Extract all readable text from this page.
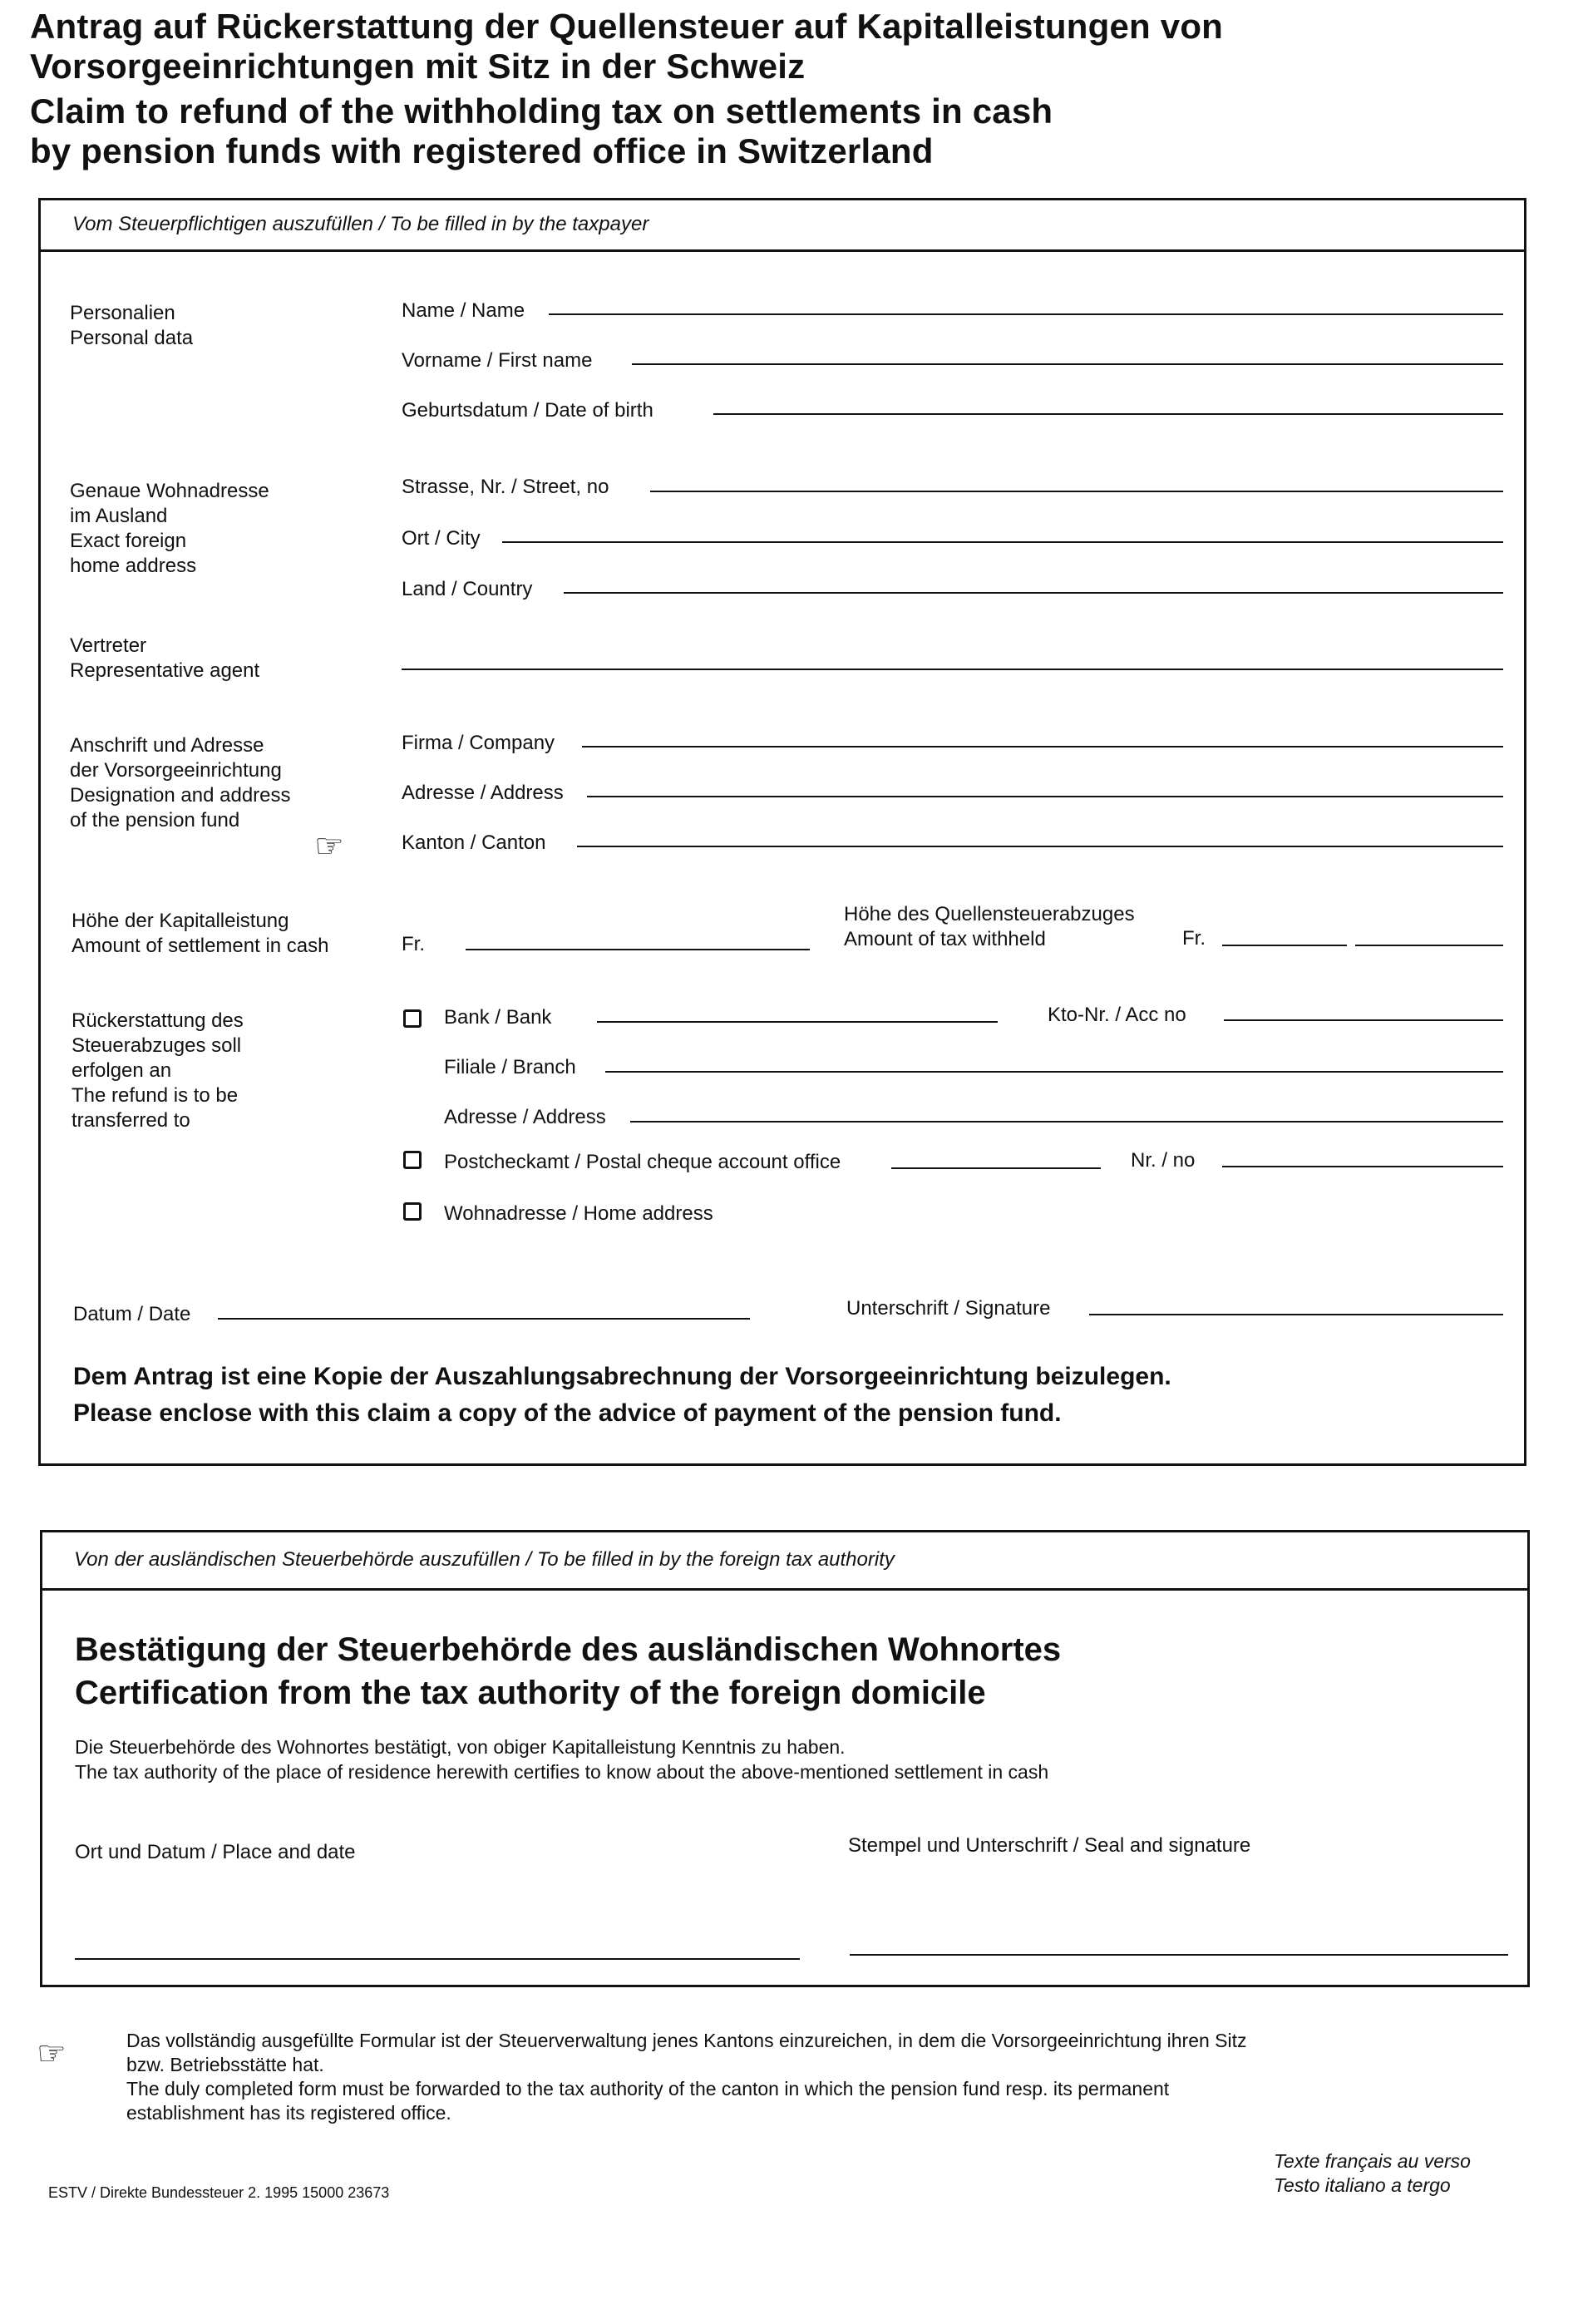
Antrag auf Rückerstattung der Quellensteuer auf Kapitalleistungen von
Vorsorgeeinrichtungen mit Sitz in der Schweiz
Claim to refund of the withholding tax on settlements in cash
by pension funds with registered office in Switzerland
Vom Steuerpflichtigen auszufüllen / To be filled in by the taxpayer
Personalien
Personal data
Name / Name
Vorname / First name
Geburtsdatum / Date of birth
Genaue Wohnadresse
im Ausland
Exact foreign
home address
Strasse, Nr. / Street, no
Ort / City
Land / Country
Vertreter
Representative agent
Anschrift und Adresse
der Vorsorgeeinrichtung
Designation and address
of the pension fund
Firma / Company
Adresse / Address
☞	Kanton / Canton
Höhe der Kapitalleistung
Amount of settlement in cash	Fr.
Höhe des Quellensteuerabzuges
Amount of tax withheld	Fr.
Rückerstattung des
Steuerabzuges soll
erfolgen an
The refund is to be
transferred to
Bank / Bank	Kto-Nr. / Acc no
Filiale / Branch
Adresse / Address
Postcheckamt / Postal cheque account office	Nr. / no
Wohnadresse / Home address
Datum / Date	Unterschrift / Signature
Dem Antrag ist eine Kopie der Auszahlungsabrechnung der Vorsorgeeinrichtung beizulegen.
Please enclose with this claim a copy of the advice of payment of the pension fund.
Von der ausländischen Steuerbehörde auszufüllen / To be filled in by the foreign tax authority
Bestätigung der Steuerbehörde des ausländischen Wohnortes
Certification from the tax authority of the foreign domicile
Die Steuerbehörde des Wohnortes bestätigt, von obiger Kapitalleistung Kenntnis zu haben.
The tax authority of the place of residence herewith certifies to know about the above-mentioned settlement in cash
Ort und Datum / Place and date	Stempel und Unterschrift / Seal and signature
☞	Das vollständig ausgefüllte Formular ist der Steuerverwaltung jenes Kantons einzureichen, in dem die Vorsorgeeinrichtung ihren Sitz
bzw. Betriebsstätte hat.
The duly completed form must be forwarded to the tax authority of the canton in which the pension fund resp. its permanent
establishment has its registered office.
Texte français au verso
Testo italiano a tergo
ESTV / Direkte Bundessteuer 2. 1995 15000 23673
